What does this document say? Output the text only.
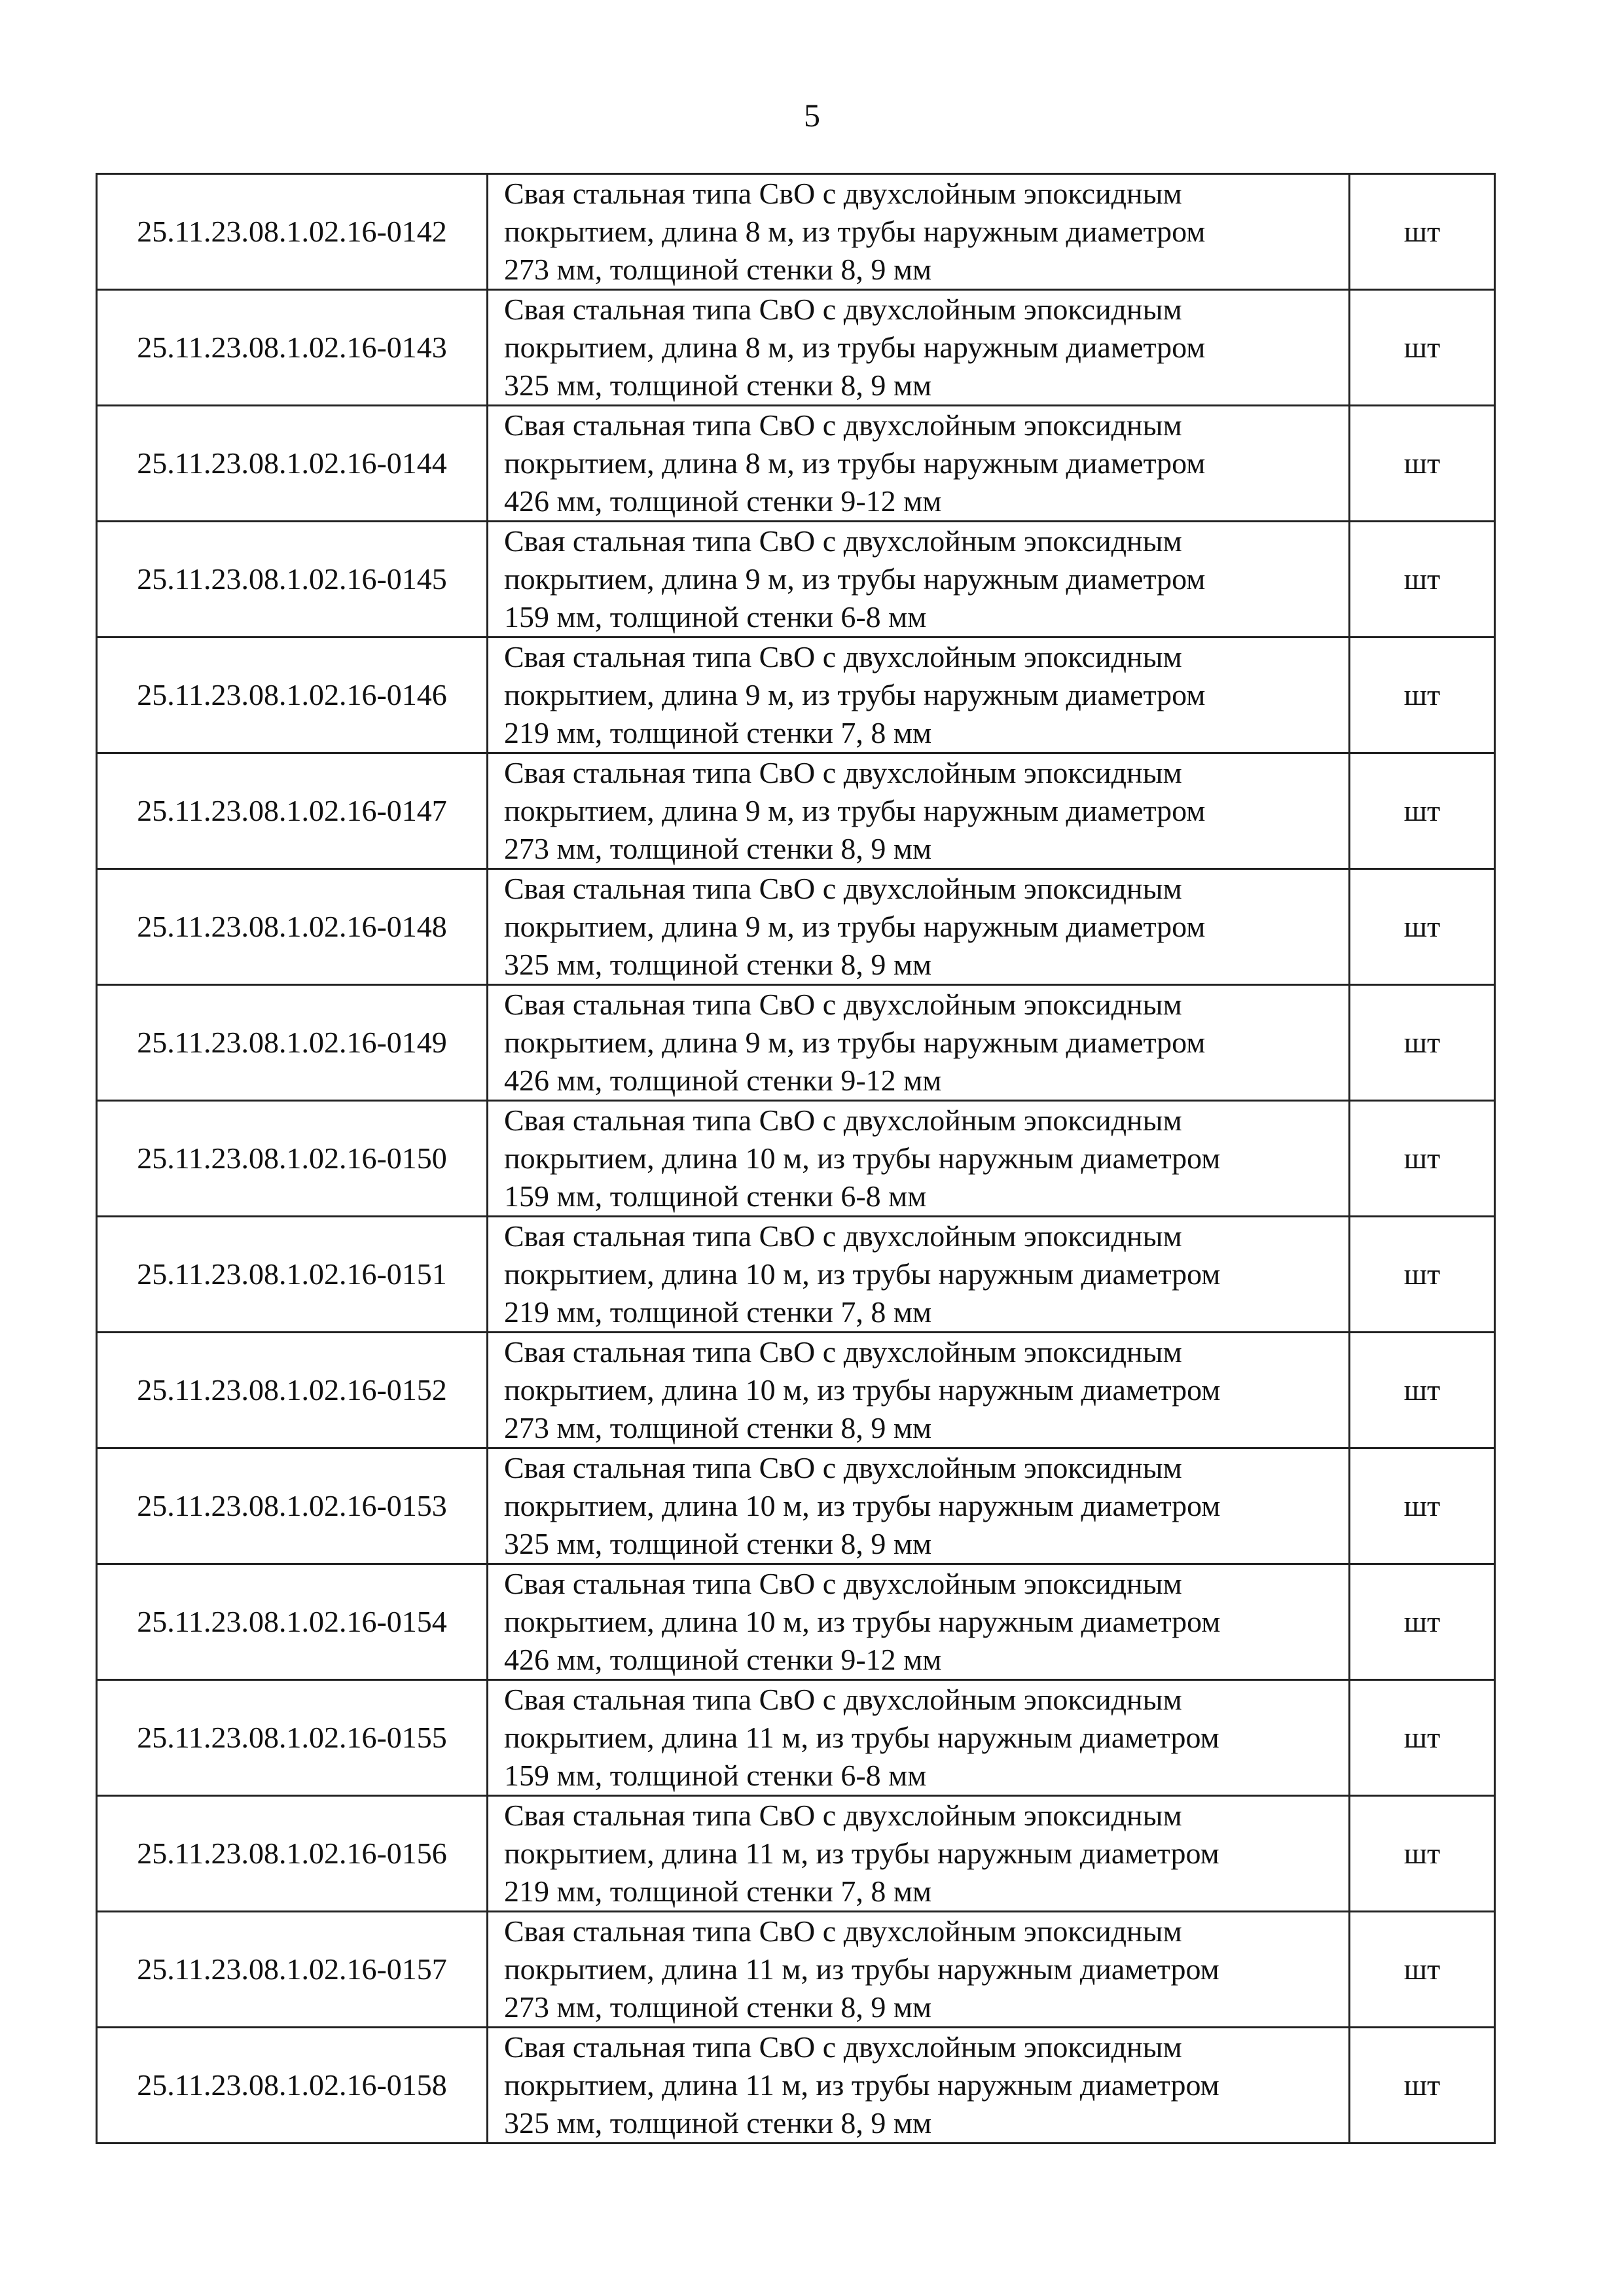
5
25.11.23.08.1.02.16-0142	Свая стальная типа СвО с двухслойным эпоксидным
покрытием, длина 8 м, из трубы наружным диаметром
273 мм, толщиной стенки 8, 9 мм	шт
25.11.23.08.1.02.16-0143	Свая стальная типа СвО с двухслойным эпоксидным
покрытием, длина 8 м, из трубы наружным диаметром
325 мм, толщиной стенки 8, 9 мм	шт
25.11.23.08.1.02.16-0144	Свая стальная типа СвО с двухслойным эпоксидным
покрытием, длина 8 м, из трубы наружным диаметром
426 мм, толщиной стенки 9-12 мм	шт
25.11.23.08.1.02.16-0145	Свая стальная типа СвО с двухслойным эпоксидным
покрытием, длина 9 м, из трубы наружным диаметром
159 мм, толщиной стенки 6-8 мм	шт
25.11.23.08.1.02.16-0146	Свая стальная типа СвО с двухслойным эпоксидным
покрытием, длина 9 м, из трубы наружным диаметром
219 мм, толщиной стенки 7, 8 мм	шт
25.11.23.08.1.02.16-0147	Свая стальная типа СвО с двухслойным эпоксидным
покрытием, длина 9 м, из трубы наружным диаметром
273 мм, толщиной стенки 8, 9 мм	шт
25.11.23.08.1.02.16-0148	Свая стальная типа СвО с двухслойным эпоксидным
покрытием, длина 9 м, из трубы наружным диаметром
325 мм, толщиной стенки 8, 9 мм	шт
25.11.23.08.1.02.16-0149	Свая стальная типа СвО с двухслойным эпоксидным
покрытием, длина 9 м, из трубы наружным диаметром
426 мм, толщиной стенки 9-12 мм	шт
25.11.23.08.1.02.16-0150	Свая стальная типа СвО с двухслойным эпоксидным
покрытием, длина 10 м, из трубы наружным диаметром
159 мм, толщиной стенки 6-8 мм	шт
25.11.23.08.1.02.16-0151	Свая стальная типа СвО с двухслойным эпоксидным
покрытием, длина 10 м, из трубы наружным диаметром
219 мм, толщиной стенки 7, 8 мм	шт
25.11.23.08.1.02.16-0152	Свая стальная типа СвО с двухслойным эпоксидным
покрытием, длина 10 м, из трубы наружным диаметром
273 мм, толщиной стенки 8, 9 мм	шт
25.11.23.08.1.02.16-0153	Свая стальная типа СвО с двухслойным эпоксидным
покрытием, длина 10 м, из трубы наружным диаметром
325 мм, толщиной стенки 8, 9 мм	шт
25.11.23.08.1.02.16-0154	Свая стальная типа СвО с двухслойным эпоксидным
покрытием, длина 10 м, из трубы наружным диаметром
426 мм, толщиной стенки 9-12 мм	шт
25.11.23.08.1.02.16-0155	Свая стальная типа СвО с двухслойным эпоксидным
покрытием, длина 11 м, из трубы наружным диаметром
159 мм, толщиной стенки 6-8 мм	шт
25.11.23.08.1.02.16-0156	Свая стальная типа СвО с двухслойным эпоксидным
покрытием, длина 11 м, из трубы наружным диаметром
219 мм, толщиной стенки 7, 8 мм	шт
25.11.23.08.1.02.16-0157	Свая стальная типа СвО с двухслойным эпоксидным
покрытием, длина 11 м, из трубы наружным диаметром
273 мм, толщиной стенки 8, 9 мм	шт
25.11.23.08.1.02.16-0158	Свая стальная типа СвО с двухслойным эпоксидным
покрытием, длина 11 м, из трубы наружным диаметром
325 мм, толщиной стенки 8, 9 мм	шт
